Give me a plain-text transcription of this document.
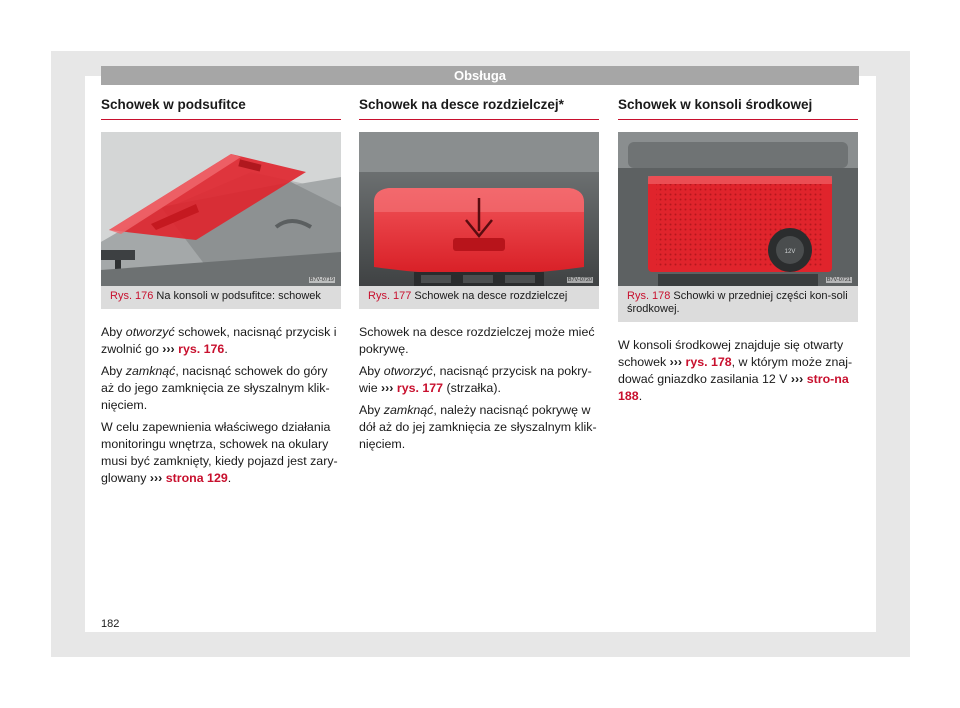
Obsługa
Schowek w podsufitce
B7V-0719
Rys. 176 Na konsoli w podsufitce: schowek

Aby otworzyć schowek, nacisnąć przycisk i zwolnić go ››› rys. 176.

Aby zamknąć, nacisnąć schowek do góry aż do jego zamknięcia ze słyszalnym klik-nięciem.

W celu zapewnienia właściwego działania monitoringu wnętrza, schowek na okulary musi być zamknięty, kiedy pojazd jest zary-glowany ››› strona 129.

Schowek na desce rozdzielczej*
B7V-0720
Rys. 177 Schowek na desce rozdzielczej

Schowek na desce rozdzielczej może mieć pokrywę.

Aby otworzyć, nacisnąć przycisk na pokry-wie ››› rys. 177 (strzałka).

Aby zamknąć, należy nacisnąć pokrywę w dół aż do jej zamknięcia ze słyszalnym klik-nięciem.

Schowek w konsoli środkowej
12V
B7V-0721
Rys. 178 Schowki w przedniej części kon-soli środkowej.

W konsoli środkowej znajduje się otwarty schowek ››› rys. 178, w którym może znaj-dować gniazdko zasilania 12 V ››› stro-na 188.

182
